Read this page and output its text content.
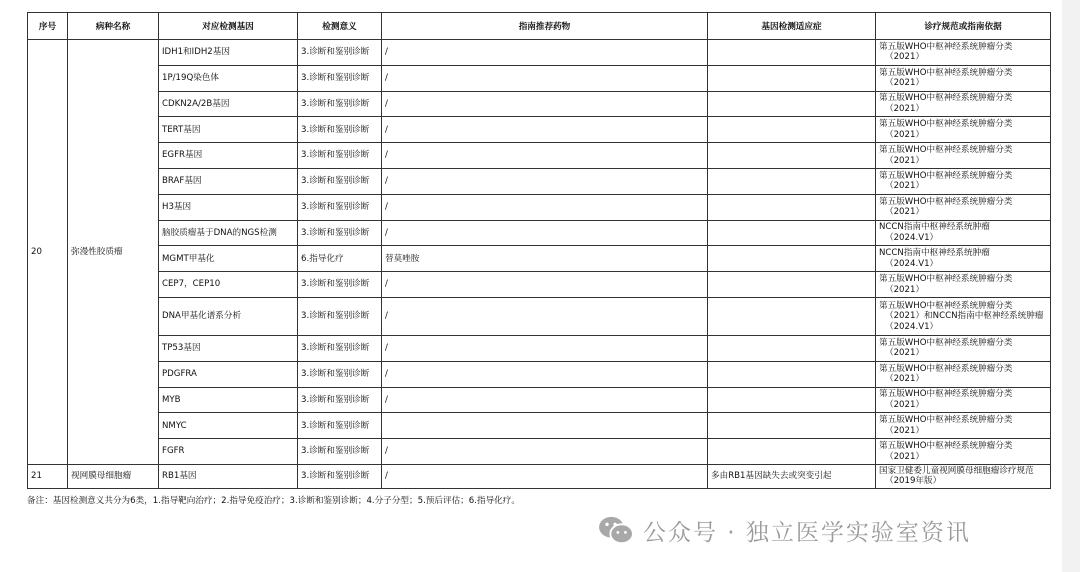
序号	病种名称	对应检测基因	检测意义	指南推荐药物	基因检测适应症	诊疗规范或指南依据
20	弥漫性胶质瘤	IDH1和IDH2基因	3.诊断和鉴别诊断	/		第五版WHO中枢神经系统肿瘤分类
（2021）

		1P/19Q染色体	3.诊断和鉴别诊断	/		第五版WHO中枢神经系统肿瘤分类
（2021）

		CDKN2A/2B基因	3.诊断和鉴别诊断	/		第五版WHO中枢神经系统肿瘤分类
（2021）

		TERT基因	3.诊断和鉴别诊断	/		第五版WHO中枢神经系统肿瘤分类
（2021）

		EGFR基因	3.诊断和鉴别诊断	/		第五版WHO中枢神经系统肿瘤分类
（2021）

		BRAF基因	3.诊断和鉴别诊断	/		第五版WHO中枢神经系统肿瘤分类
（2021）

		H3基因	3.诊断和鉴别诊断	/		第五版WHO中枢神经系统肿瘤分类
（2021）

		脑胶质瘤基于DNA的NGS检测	3.诊断和鉴别诊断	/		NCCN指南中枢神经系统肿瘤
（2024.V1）

		MGMT甲基化	6.指导化疗	替莫唑胺		NCCN指南中枢神经系统肿瘤
（2024.V1）

		CEP7，CEP10	3.诊断和鉴别诊断	/		第五版WHO中枢神经系统肿瘤分类
（2021）

		DNA甲基化谱系分析	3.诊断和鉴别诊断	/		第五版WHO中枢神经系统肿瘤分类
（2021）和NCCN指南中枢神经系统肿瘤
（2024.V1）

		TP53基因	3.诊断和鉴别诊断	/		第五版WHO中枢神经系统肿瘤分类
（2021）

		PDGFRA	3.诊断和鉴别诊断	/		第五版WHO中枢神经系统肿瘤分类
（2021）

		MYB	3.诊断和鉴别诊断	/		第五版WHO中枢神经系统肿瘤分类
（2021）

		NMYC	3.诊断和鉴别诊断			第五版WHO中枢神经系统肿瘤分类
（2021）

		FGFR	3.诊断和鉴别诊断	/		第五版WHO中枢神经系统肿瘤分类
（2021）

21	视网膜母细胞瘤	RB1基因	3.诊断和鉴别诊断	/	多由RB1基因缺失去或突变引起	国家卫健委儿童视网膜母细胞瘤诊疗规范
（2019年版）
备注：基因检测意义共分为6类，1.指导靶向治疗；2.指导免疫治疗；3.诊断和鉴别诊断；4.分子分型；5.预后评估；6.指导化疗。
公众号 · 独立医学实验室资讯
